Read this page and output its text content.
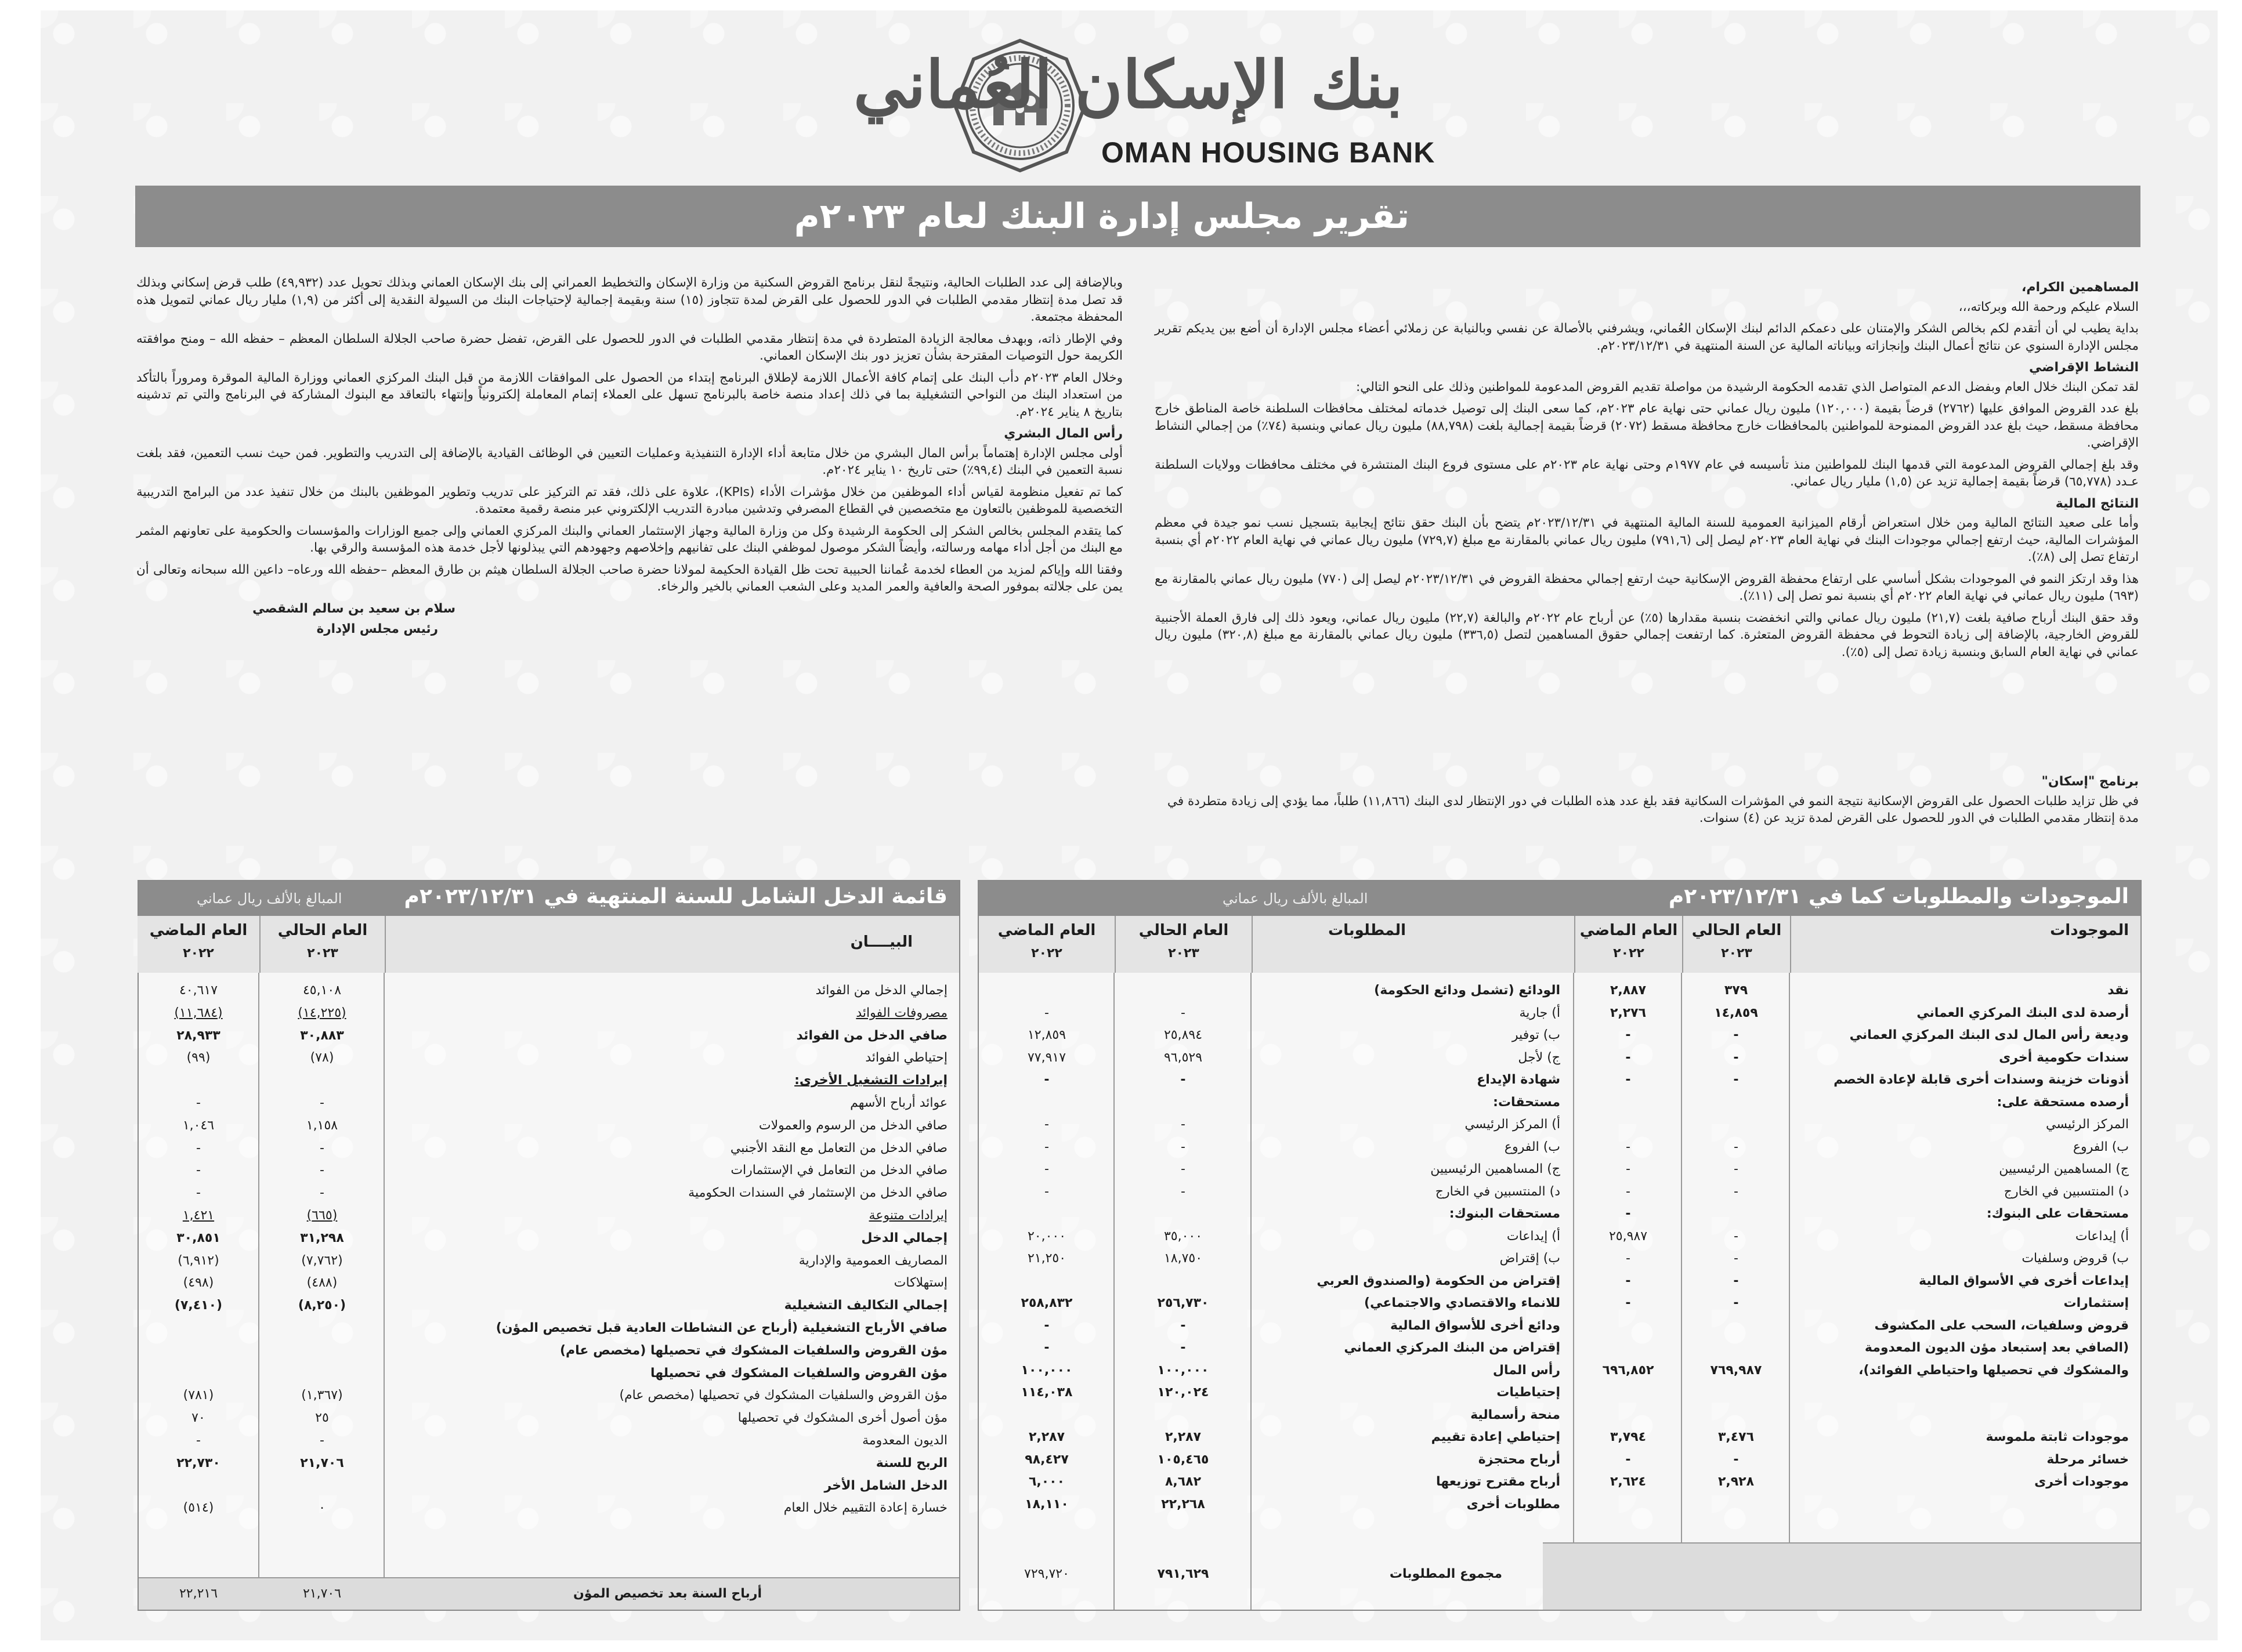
بنك الإسكان العُماني
OMAN HOUSING BANK
تقرير مجلس إدارة البنك لعام ٢٠٢٣م
المساهمين الكرام،

السلام عليكم ورحمة الله وبركاته،،،

بداية يطيب لي أن أتقدم لكم بخالص الشكر والإمتنان على دعمكم الدائم لبنك الإسكان العُماني، ويشرفني بالأصالة عن نفسي وبالنيابة عن زملائي أعضاء مجلس الإدارة أن أضع بين يديكم تقرير مجلس الإدارة السنوي عن نتائج أعمال البنك وإنجازاته وبياناته المالية عن السنة المنتهية في ٢٠٢٣/١٢/٣١م.

النشاط الإقراضي

لقد تمكن البنك خلال العام وبفضل الدعم المتواصل الذي تقدمه الحكومة الرشيدة من مواصلة تقديم القروض المدعومة للمواطنين وذلك على النحو التالي:

بلغ عدد القروض الموافق عليها (٢٧٦٢) قرضاً بقيمة (١٢٠,٠٠٠) مليون ريال عماني حتى نهاية عام ٢٠٢٣م، كما سعى البنك إلى توصيل خدماته لمختلف محافظات السلطنة خاصة المناطق خارج محافظة مسقط، حيث بلغ عدد القروض الممنوحة للمواطنين بالمحافظات خارج محافظة مسقط (٢٠٧٢) قرضاً بقيمة إجمالية بلغت (٨٨,٧٩٨) مليون ريال عماني وبنسبة (٧٤٪) من إجمالي النشاط الإقراضي.

وقد بلغ إجمالي القروض المدعومة التي قدمها البنك للمواطنين منذ تأسيسه في عام ١٩٧٧م وحتى نهاية عام ٢٠٢٣م على مستوى فروع البنك المنتشرة في مختلف محافظات وولايات السلطنة عـدد (٦٥,٧٧٨) قرضاً بقيمة إجمالية تزيد عن (١,٥) مليار ريال عماني.

النتائج المالية

وأما على صعيد النتائج المالية ومن خلال استعراض أرقام الميزانية العمومية للسنة المالية المنتهية في ٢٠٢٣/١٢/٣١م يتضح بأن البنك حقق نتائج إيجابية بتسجيل نسب نمو جيدة في معظم المؤشرات المالية، حيث ارتفع إجمالي موجودات البنك في نهاية العام ٢٠٢٣م ليصل إلى (٧٩١,٦) مليون ريال عماني بالمقارنة مع مبلغ (٧٢٩,٧) مليون ريال عماني في نهاية العام ٢٠٢٢م أي بنسبة ارتفاع تصل إلى (٨٪).

هذا وقد ارتكز النمو في الموجودات بشكل أساسي على ارتفاع محفظة القروض الإسكانية حيث ارتفع إجمالي محفظة القروض في ٢٠٢٣/١٢/٣١م ليصل إلى (٧٧٠) مليون ريال عماني بالمقارنة مع (٦٩٣) مليون ريال عماني في نهاية العام ٢٠٢٢م أي بنسبة نمو تصل إلى (١١٪).

وقد حقق البنك أرباح صافية بلغت (٢١,٧) مليون ريال عماني والتي انخفضت بنسبة مقدارها (٥٪) عن أرباح عام ٢٠٢٢م والبالغة (٢٢,٧) مليون ريال عماني، ويعود ذلك إلى فارق العملة الأجنبية للقروض الخارجية، بالإضافة إلى زيادة التحوط في محفظة القروض المتعثرة. كما ارتفعت إجمالي حقوق المساهمين لتصل (٣٣٦,٥) مليون ريال عماني بالمقارنة مع مبلغ (٣٢٠,٨) مليون ريال عماني في نهاية العام السابق وبنسبة زيادة تصل إلى (٥٪).

وبالإضافة إلى عدد الطلبات الحالية، ونتيجةً لنقل برنامج القروض السكنية من وزارة الإسكان والتخطيط العمراني إلى بنك الإسكان العماني وبذلك تحويل عدد (٤٩,٩٣٢) طلب قرض إسكاني وبذلك قد تصل مدة إنتظار مقدمي الطلبات في الدور للحصول على القرض لمدة تتجاوز (١٥) سنة وبقيمة إجمالية لإحتياجات البنك من السيولة النقدية إلى أكثر من (١,٩) مليار ريال عماني لتمويل هذه المحفظة مجتمعة.

وفي الإطار ذاته، وبهدف معالجة الزيادة المتطردة في مدة إنتظار مقدمي الطلبات في الدور للحصول على القرض، تفضل حضرة صاحب الجلالة السلطان المعظم – حفظه الله – ومنح موافقته الكريمة حول التوصيات المقترحة بشأن تعزيز دور بنك الإسكان العماني.

وخلال العام ٢٠٢٣م دأب البنك على إتمام كافة الأعمال اللازمة لإطلاق البرنامج إبتداء من الحصول على الموافقات اللازمة من قبل البنك المركزي العماني ووزارة المالية الموقرة ومروراً بالتأكد من استعداد البنك من النواحي التشغيلية بما في ذلك إعداد منصة خاصة بالبرنامج تسهل على العملاء إتمام المعاملة إلكترونياً وإنتهاء بالتعاقد مع البنوك المشاركة في البرنامج والتي تم تدشينه بتاريخ ٨ يناير ٢٠٢٤م.

رأس المال البشري

أولى مجلس الإدارة إهتماماً برأس المال البشري من خلال متابعة أداء الإدارة التنفيذية وعمليات التعيين في الوظائف القيادية بالإضافة إلى التدريب والتطوير. فمن حيث نسب التعمين، فقد بلغت نسبة التعمين في البنك (٩٩,٤٪) حتى تاريخ ١٠ يناير ٢٠٢٤م.

كما تم تفعيل منظومة لقياس أداء الموظفين من خلال مؤشرات الأداء (KPIs)، علاوة على ذلك، فقد تم التركيز على تدريب وتطوير الموظفين بالبنك من خلال تنفيذ عدد من البرامج التدريبية التخصصية للموظفين بالتعاون مع متخصصين في القطاع المصرفي وتدشين مبادرة التدريب الإلكتروني عبر منصة رقمية معتمدة.

كما يتقدم المجلس بخالص الشكر إلى الحكومة الرشيدة وكل من وزارة المالية وجهاز الإستثمار العماني والبنك المركزي العماني وإلى جميع الوزارات والمؤسسات والحكومية على تعاونهم المثمر مع البنك من أجل أداء مهامه ورسالته، وأيضاً الشكر موصول لموظفي البنك على تفانيهم وإخلاصهم وجهودهم التي يبذلونها لأجل خدمة هذه المؤسسة والرقي بها.

وفقنا الله وإياكم لمزيد من العطاء لخدمة عُماننا الحبيبة تحت ظل القيادة الحكيمة لمولانا حضرة صاحب الجلالة السلطان هيثم بن طارق المعظم –حفظه الله ورعاه– داعين الله سبحانه وتعالى أن يمن على جلالته بموفور الصحة والعافية والعمر المديد وعلى الشعب العماني بالخير والرخاء.

سلام بن سعيد بن سالم الشقصي
رئيس مجلس الإدارة
برنامج "إسكان"
في ظل تزايد طلبات الحصول على القروض الإسكانية نتيجة النمو في المؤشرات السكانية فقد بلغ عدد هذه الطلبات في دور الإنتظار لدى البنك (١١,٨٦٦) طلباً، مما يؤدي إلى زيادة متطردة في مدة إنتظار مقدمي الطلبات في الدور للحصول على القرض لمدة تزيد عن (٤) سنوات.
الموجودات والمطلوبات كما في ٢٠٢٣/١٢/٣١م
المبالغ بالألف ريال عماني
الموجودات
العام الحالي
٢٠٢٣
العام الماضي
٢٠٢٢
المطلوبات
العام الحالي
٢٠٢٣
العام الماضي
٢٠٢٢
نقد
٣٧٩
٢,٨٨٧
أرصدة لدى البنك المركزي العماني
١٤,٨٥٩
٢,٢٧٦
وديعة رأس المال لدى البنك المركزي العماني
-
-
سندات حكومية أخرى
-
-
أذونات خزينة وسندات أخرى قابلة لإعادة الخصم
-
-
أرصده مستحقة على:
المركز الرئيسي
ب) الفروع
-
-
ج) المساهمين الرئيسيين
-
-
د) المنتسبين في الخارج
-
-
مستحقات على البنوك:
-
أ) إيداعات
-
٢٥,٩٨٧
ب) قروض وسلفيات
-
-
إيداعات أخرى في الأسواق المالية
-
-
إستثمارات
-
-
قروض وسلفيات، السحب على المكشوف
(الصافي بعد إستبعاد مؤن الديون المعدومة
والمشكوك في تحصيلها واحتياطي الفوائد)،
٧٦٩,٩٨٧
٦٩٦,٨٥٢
موجودات ثابتة ملموسة
٣,٤٧٦
٣,٧٩٤
خسائر مرحلة
-
-
موجودات أخرى
٢,٩٢٨
٢,٦٢٤
الودائع (تشمل ودائع الحكومة)
أ) جارية
-
-
ب) توفير
٢٥,٨٩٤
١٢,٨٥٩
ج) لأجل
٩٦,٥٢٩
٧٧,٩١٧
شهادة الإيداع
-
-
مستحقات:
أ) المركز الرئيسي
-
-
ب) الفروع
-
-
ج) المساهمين الرئيسيين
-
-
د) المنتسبين في الخارج
-
-
مستحقات البنوك:
أ) إيداعات
٣٥,٠٠٠
٢٠,٠٠٠
ب) إقتراض
١٨,٧٥٠
٢١,٢٥٠
إقتراض من الحكومة (والصندوق العربي
للانماء والاقتصادي والاجتماعي)
٢٥٦,٧٣٠
٢٥٨,٨٣٢
ودائع أخرى للأسواق المالية
-
-
إقتراض من البنك المركزي العماني
-
-
رأس المال
١٠٠,٠٠٠
١٠٠,٠٠٠
إحتياطيات
١٢٠,٠٢٤
١١٤,٠٣٨
منحة رأسمالية
إحتياطي إعادة تقييم
٢,٢٨٧
٢,٢٨٧
أرباح محتجزة
١٠٥,٤٦٥
٩٨,٤٢٧
أرباح مقترح توزيعها
٨,٦٨٢
٦,٠٠٠
مطلوبات أخرى
٢٢,٢٦٨
١٨,١١٠
مجموع المطلوبات
٧٩١,٦٢٩
٧٢٩,٧٢٠
قائمة الدخل الشامل للسنة المنتهية في ٢٠٢٣/١٢/٣١م
المبالغ بالألف ريال عماني
البيــــان
العام الحالي
٢٠٢٣
العام الماضي
٢٠٢٢
إجمالي الدخل من الفوائد
٤٥,١٠٨
٤٠,٦١٧
مصروفات الفوائد
(١٤,٢٢٥)
(١١,٦٨٤)
صافي الدخل من الفوائد
٣٠,٨٨٣
٢٨,٩٣٣
إحتياطي الفوائد
(٧٨)
(٩٩)
إيرادات التشغيل الأخرى:
عوائد أرباح الأسهم
-
-
صافي الدخل من الرسوم والعمولات
١,١٥٨
١,٠٤٦
صافي الدخل من التعامل مع النقد الأجنبي
-
-
صافي الدخل من التعامل في الإستثمارات
-
-
صافي الدخل من الإستثمار في السندات الحكومية
-
-
إيرادات متنوعة
(٦٦٥)
١,٤٢١
إجمالي الدخل
٣١,٢٩٨
٣٠,٨٥١
المصاريف العمومية والإدارية
(٧,٧٦٢)
(٦,٩١٢)
إستهلاكات
(٤٨٨)
(٤٩٨)
إجمالي التكاليف التشغيلية
(٨,٢٥٠)
(٧,٤١٠)
صافي الأرباح التشغيلية (أرباح عن النشاطات العادية قبل تخصيص المؤن)
مؤن القروض والسلفيات المشكوك في تحصيلها (مخصص عام)
مؤن القروض والسلفيات المشكوك في تحصيلها
مؤن القروض والسلفيات المشكوك في تحصيلها (مخصص عام)
(١,٣٦٧)
(٧٨١)
مؤن أصول أخرى المشكوك في تحصيلها
٢٥
٧٠
الديون المعدومة
-
-
الربح للسنة
٢١,٧٠٦
٢٢,٧٣٠
الدخل الشامل الأخر
خسارة إعادة التقييم خلال العام
٠
(٥١٤)
أرباح السنة بعد تخصيص المؤن
٢١,٧٠٦
٢٢,٢١٦
